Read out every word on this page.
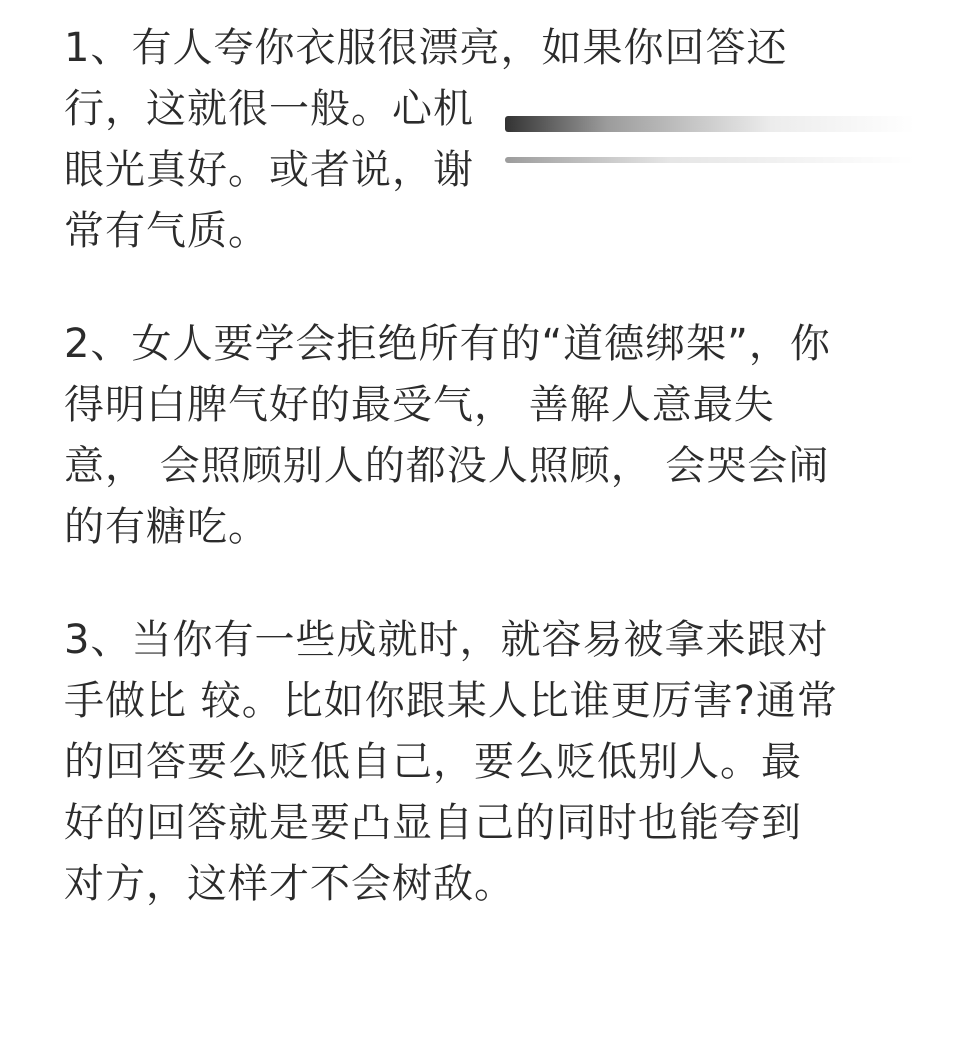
1、有人夸你衣服很漂亮，如果你回答还
行，这就很一般。心机
眼光真好。或者说，谢
常有气质。
2、女人要学会拒绝所有的“道德绑架”，你
得明白脾气好的最受气， 善解人意最失
意， 会照顾别人的都没人照顾， 会哭会闹
的有糖吃。
3、当你有一些成就时，就容易被拿来跟对
手做比 较。比如你跟某人比谁更厉害?通常
的回答要么贬低自己，要么贬低别人。最
好的回答就是要凸显自己的同时也能夸到
对方，这样才不会树敌。
